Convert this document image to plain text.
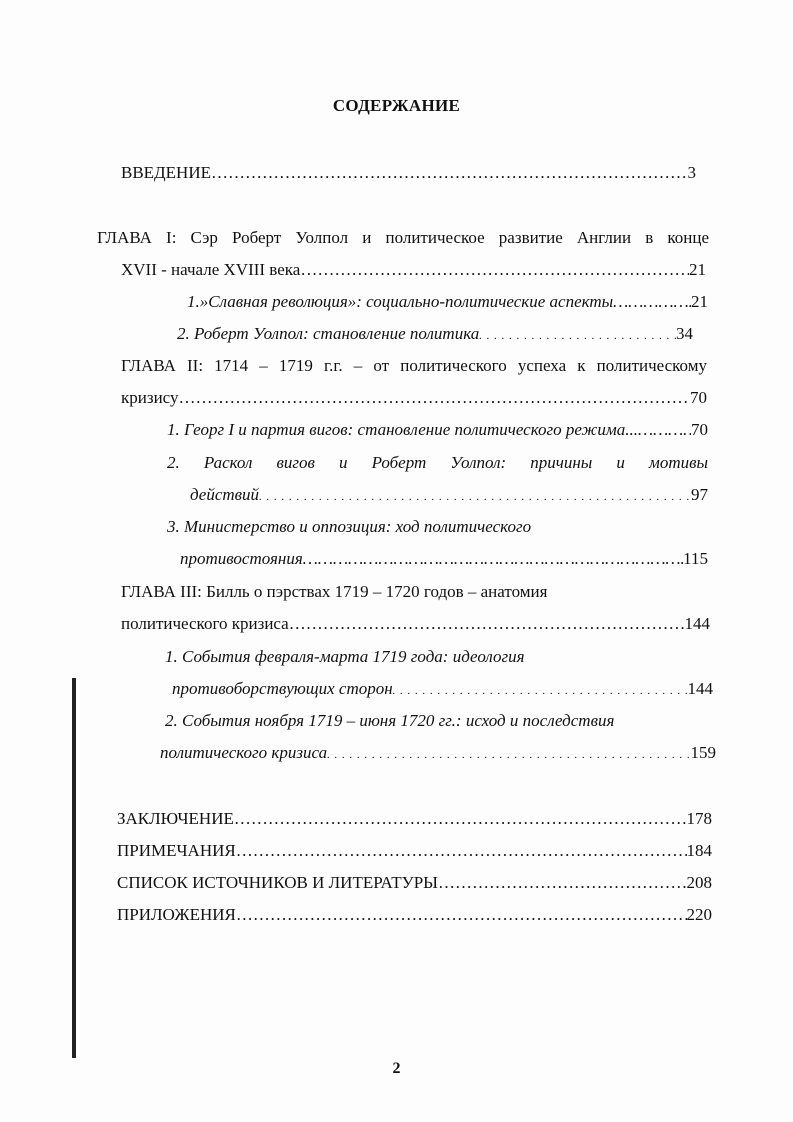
СОДЕРЖАНИЕ
ВВЕДЕНИЕ …………………………………………………………………………………………………………………………………………	3
ГЛАВА I: Сэр Роберт Уолпол и политическое развитие Англии в конце
XVII - начале XVIII века …………………………………………………………………………………………………………………………………………	21
1.»Славная революция»: социально-политические аспекты …………………………………………………………………………………………………………………………………………	21
2. Роберт Уолпол: становление политика . . .	34
ГЛАВА II: 1714 – 1719 г.г. – от политического успеха к политическому
кризису …………………………………………………………………………………………………………………………………………	70
1. Георг I и партия вигов: становление политического режима... …………………………………………………………………………………………………………………………………………	70
2. Раскол вигов и Роберт Уолпол: причины и мотивы
действий . . .	97
3. Министерство и оппозиция: ход политического
противостояния …………………………………………………………………………………………………………………………………………	115
ГЛАВА III: Билль о пэрствах 1719 – 1720 годов – анатомия
политического кризиса …………………………………………………………………………………………………………………………………………	144
1. События февраля-марта 1719 года: идеология
противоборствующих сторон . . .	144
2. События ноября 1719 – июня 1720 гг.: исход и последствия
политического кризиса . . .	159
ЗАКЛЮЧЕНИЕ …………………………………………………………………………………………………………………………………………	178
ПРИМЕЧАНИЯ …………………………………………………………………………………………………………………………………………	184
СПИСОК ИСТОЧНИКОВ И ЛИТЕРАТУРЫ …………………………………………………………………………………………………………………………………………	208
ПРИЛОЖЕНИЯ …………………………………………………………………………………………………………………………………………	220
2
